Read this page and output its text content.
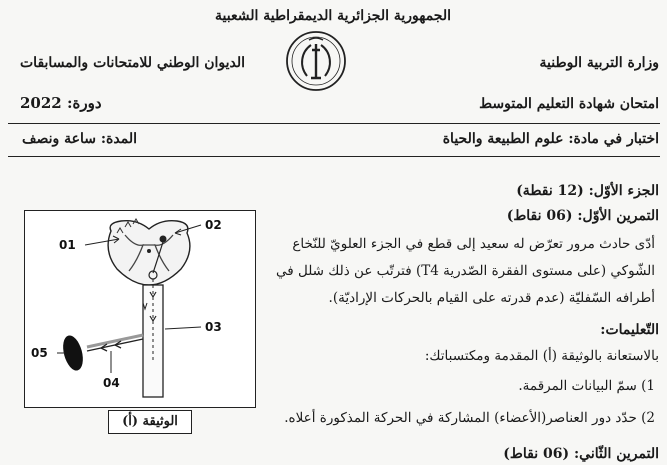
الجمهورية الجزائرية الديمقراطية الشعبية
وزارة التربية الوطنية
الديوان الوطني للامتحانات والمسابقات
امتحان شهادة التعليم المتوسط
دورة: 2022
اختبار في مادة: علوم الطبيعة والحياة
المدة: ساعة ونصف
الجزء الأوّل: (12 نقطة)
التمرين الأوّل: (06 نقاط)
أدّى حادث مرور تعرّض له سعيد إلى قطع في الجزء العلويّ للنّخاع
الشّوكي (على مستوى الفقرة الصّدرية T4) فترتّب عن ذلك شلل في
أطرافه السّفليّة (عدم قدرته على القيام بالحركات الإراديّة).
التّعليمات:
بالاستعانة بالوثيقة (أ) المقدمة ومكتسباتك:
1) سمّ البيانات المرقمة.
2) حدّد دور العناصر(الأعضاء) المشاركة في الحركة المذكورة أعلاه.
التمرين الثّاني: (06 نقاط)
01
02
03
04
05
الوثيقة (أ)
